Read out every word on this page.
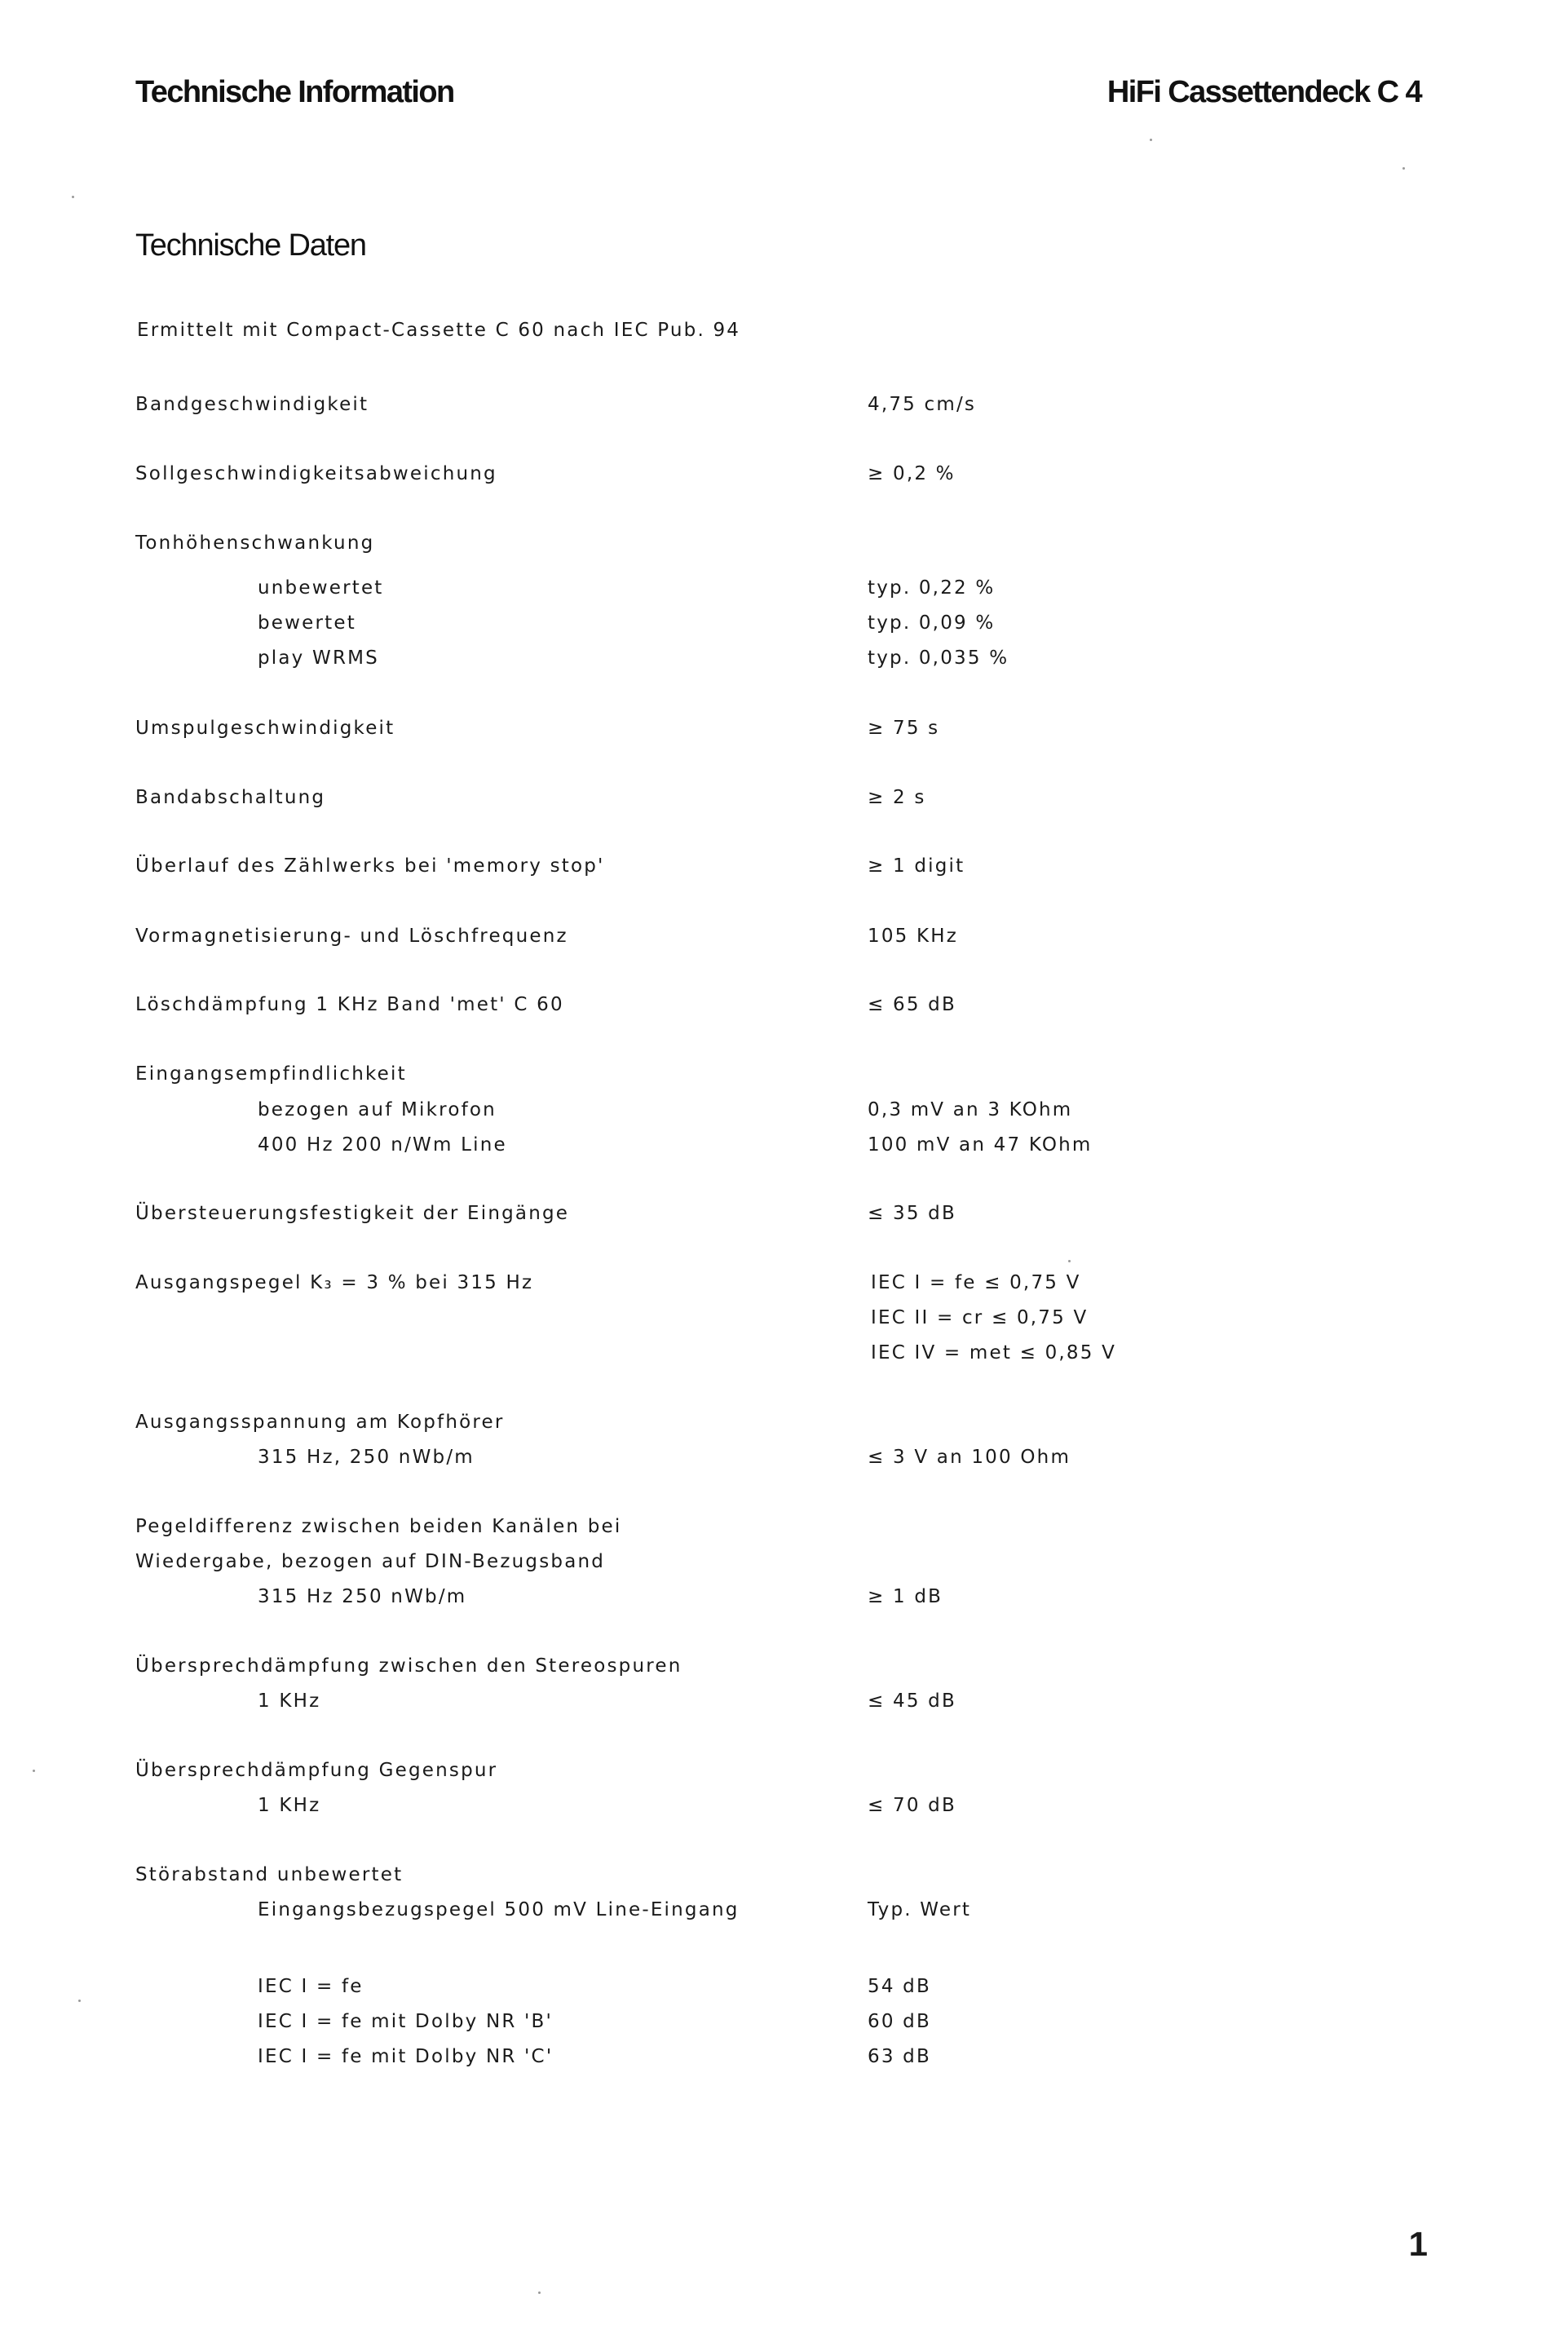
Technische Information	HiFi Cassettendeck C 4
Technische Daten
Ermittelt mit Compact-Cassette C 60 nach IEC Pub. 94

Bandgeschwindigkeit	4,75 cm/s

Sollgeschwindigkeitsabweichung	≥ 0,2 %

Tonhöhenschwankung

unbewertet	typ. 0,22 %

bewertet	typ. 0,09 %

play WRMS	typ. 0,035 %

Umspulgeschwindigkeit	≥ 75 s

Bandabschaltung	≥ 2 s

Überlauf des Zählwerks bei 'memory stop'	≥ 1 digit

Vormagnetisierung- und Löschfrequenz	105 KHz

Löschdämpfung 1 KHz Band 'met' C 60	≤ 65 dB

Eingangsempfindlichkeit

bezogen auf Mikrofon	0,3 mV an 3 KOhm

400 Hz 200 n/Wm Line	100 mV an 47 KOhm

Übersteuerungsfestigkeit der Eingänge	≤ 35 dB

Ausgangspegel K₃ = 3 % bei 315 Hz	IEC I = fe ≤ 0,75 V

IEC II = cr ≤ 0,75 V

IEC IV = met ≤ 0,85 V

Ausgangsspannung am Kopfhörer

315 Hz, 250 nWb/m	≤ 3 V an 100 Ohm

Pegeldifferenz zwischen beiden Kanälen bei

Wiedergabe, bezogen auf DIN-Bezugsband

315 Hz 250 nWb/m	≥ 1 dB

Übersprechdämpfung zwischen den Stereospuren

1 KHz	≤ 45 dB

Übersprechdämpfung Gegenspur

1 KHz	≤ 70 dB

Störabstand unbewertet

Eingangsbezugspegel 500 mV Line-Eingang	Typ. Wert

IEC I = fe	54 dB

IEC I = fe mit Dolby NR 'B'	60 dB

IEC I = fe mit Dolby NR 'C'	63 dB

1
